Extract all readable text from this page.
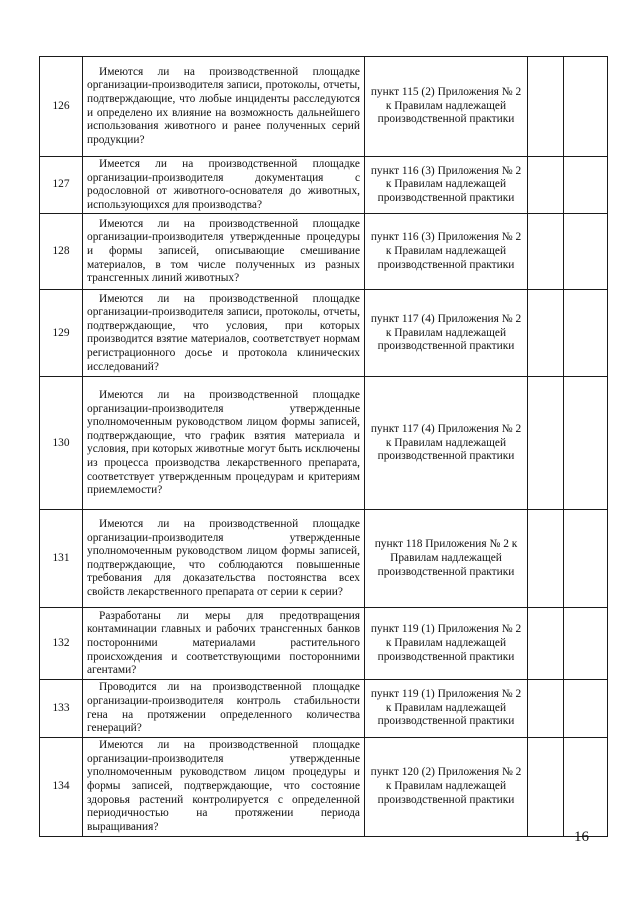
126	Имеются ли на производственной площадке организации-производителя записи, протоколы, отчеты, подтверждающие, что любые инциденты расследуются и определено их влияние на возможность дальнейшего использования животного и ранее полученных серий продукции?	пункт 115 (2) Приложения № 2 к Правилам надлежащей производственной практики		
127	Имеется ли на производственной площадке организации-производителя документация с родословной от животного-основателя до животных, использующихся для производства?	пункт 116 (3) Приложения № 2 к Правилам надлежащей производственной практики		
128	Имеются ли на производственной площадке организации-производителя утвержденные процедуры и формы записей, описывающие смешивание материалов, в том числе полученных из разных трансгенных линий животных?	пункт 116 (3) Приложения № 2 к Правилам надлежащей производственной практики		
129	Имеются ли на производственной площадке организации-производителя записи, протоколы, отчеты, подтверждающие, что условия, при которых производится взятие материалов, соответствует нормам регистрационного досье и протокола клинических исследований?	пункт 117 (4) Приложения № 2 к Правилам надлежащей производственной практики		
130	Имеются ли на производственной площадке организации-производителя утвержденные уполномоченным руководством лицом формы записей, подтверждающие, что график взятия материала и условия, при которых животные могут быть исключены из процесса производства лекарственного препарата, соответствует утвержденным процедурам и критериям приемлемости?	пункт 117 (4) Приложения № 2 к Правилам надлежащей производственной практики		
131	Имеются ли на производственной площадке организации-производителя утвержденные уполномоченным руководством лицом формы записей, подтверждающие, что соблюдаются повышенные требования для доказательства постоянства всех свойств лекарственного препарата от серии к серии?	пункт 118 Приложения № 2 к Правилам надлежащей производственной практики		
132	Разработаны ли меры для предотвращения контаминации главных и рабочих трансгенных банков посторонними материалами растительного происхождения и соответствующими посторонними агентами?	пункт 119 (1) Приложения № 2 к Правилам надлежащей производственной практики		
133	Проводится ли на производственной площадке организации-производителя контроль стабильности гена на протяжении определенного количества генераций?	пункт 119 (1) Приложения № 2 к Правилам надлежащей производственной практики		
134	Имеются ли на производственной площадке организации-производителя утвержденные уполномоченным руководством лицом процедуры и формы записей, подтверждающие, что состояние здоровья растений контролируется с определенной периодичностью на протяжении периода выращивания?	пункт 120 (2) Приложения № 2 к Правилам надлежащей производственной практики		
16
